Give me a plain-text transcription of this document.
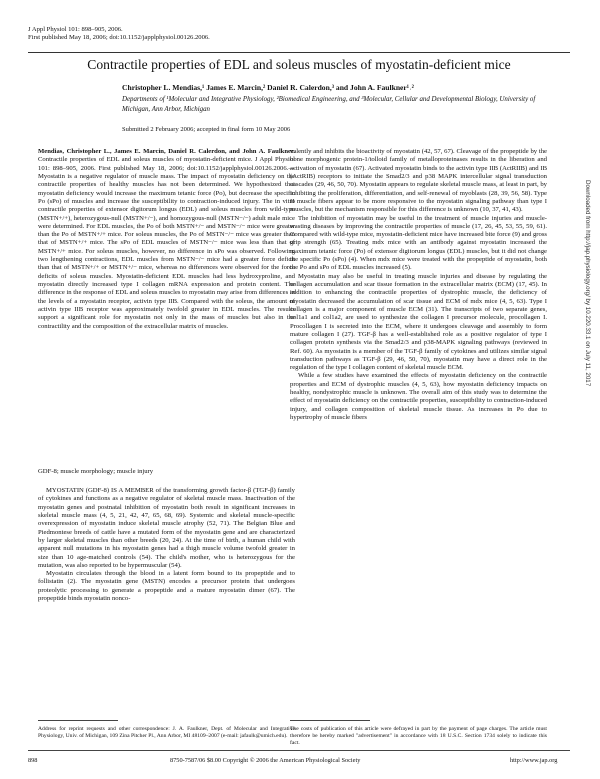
J Appl Physiol 101: 898–905, 2006.
First published May 18, 2006; doi:10.1152/japplphysiol.00126.2006.
Contractile properties of EDL and soleus muscles of myostatin-deficient mice
Christopher L. Mendias,¹ James E. Marcin,² Daniel R. Calerdon,³ and John A. Faulkner¹˒²
Departments of ¹Molecular and Integrative Physiology, ²Biomedical Engineering, and ³Molecular, Cellular and Developmental Biology, University of Michigan, Ann Arbor, Michigan
Submitted 2 February 2006; accepted in final form 10 May 2006
Mendias, Christopher L., James E. Marcin, Daniel R. Calerdon, and John A. Faulkner. Contractile properties of EDL and soleus muscles of myostatin-deficient mice. J Appl Physiol 101: 898–905, 2006. First published May 18, 2006; doi:10.1152/japplphysiol.00126.2006.—Myostatin is a negative regulator of muscle mass. The impact of myostatin deficiency on the contractile properties of healthy muscles has not been determined. We hypothesized that myostatin deficiency would increase the maximum tetanic force (Po), but decrease the specific Po (sPo) of muscles and increase the susceptibility to contraction-induced injury. The in vitro contractile properties of extensor digitorum longus (EDL) and soleus muscles from wild-type (MSTN+/+), heterozygous-null (MSTN+/−), and homozygous-null (MSTN−/−) adult male mice were determined. For EDL muscles, the Po of both MSTN+/− and MSTN−/− mice were greater than the Po of MSTN+/+ mice. For soleus muscles, the Po of MSTN−/− mice was greater than that of MSTN+/+ mice. The sPo of EDL muscles of MSTN−/− mice was less than that of MSTN+/+ mice. For soleus muscles, however, no difference in sPo was observed. Following two lengthening contractions, EDL muscles from MSTN−/− mice had a greater force deficit than that of MSTN+/+ or MSTN+/− mice, whereas no differences were observed for the force deficits of soleus muscles. Myostatin-deficient EDL muscles had less hydroxyproline, and myostatin directly increased type I collagen mRNA expression and protein content. The difference in the response of EDL and soleus muscles to myostatin may arise from differences in the levels of a myostatin receptor, activin type IIB. Compared with the soleus, the amount of activin type IIB receptor was approximately twofold greater in EDL muscles. The results support a significant role for myostatin not only in the mass of muscles but also in the contractility and the composition of the extracellular matrix of muscles.
GDF-8; muscle morphology; muscle injury

MYOSTATIN (GDF-8) IS A MEMBER of the transforming growth factor-β (TGF-β) family of cytokines and functions as a negative regulator of skeletal muscle mass. Inactivation of the myostatin genes and postnatal inhibition of myostatin both result in significant increases in skeletal muscle mass (4, 5, 21, 42, 47, 65, 68, 69). Systemic and skeletal muscle-specific overexpression of myostatin induce skeletal muscle atrophy (52, 71). The Belgian Blue and Piedmontese breeds of cattle have a mutated form of the myostatin gene and are characterized by larger skeletal muscles than other breeds (20, 24). At the time of birth, a human child with apparent null mutations in his myostatin genes had a thigh muscle volume twofold greater in size than 10 age-matched controls (54). The child's mother, who is heterozygous for the mutation, was also reported to be hypermuscular (54).

Myostatin circulates through the blood in a latent form bound to its propeptide and to follistatin (2). The myostatin gene (MSTN) encodes a precursor protein that undergoes proteolytic processing to generate a propeptide and a mature myostatin dimer (67). The propeptide binds myostatin nonco-

valently and inhibits the bioactivity of myostatin (42, 57, 67). Cleavage of the propeptide by the bone morphogenic protein-1/tolloid family of metalloproteinases results in the liberation and activation of myostatin (67). Activated myostatin binds to the activin type IIB (ActRIIB) and IB (ActRIB) receptors to initiate the Smad2/3 and p38 MAPK intercellular signal transduction cascades (29, 46, 50, 70). Myostatin appears to regulate skeletal muscle mass, at least in part, by inhibiting the proliferation, differentiation, and self-renewal of myoblasts (28, 39, 56, 58). Type II muscle fibers appear to be more responsive to the myostatin signaling pathway than type I muscles, but the mechanism responsible for this difference is unknown (10, 37, 41, 43).

The inhibition of myostatin may be useful in the treatment of muscle injuries and muscle-wasting diseases by improving the contractile properties of muscle (17, 26, 45, 53, 55, 59, 61). Compared with wild-type mice, myostatin-deficient mice have increased bite force (9) and gross grip strength (65). Treating mdx mice with an antibody against myostatin increased the maximum tetanic force (Po) of extensor digitorum longus (EDL) muscles, but it did not change the specific Po (sPo) (4). When mdx mice were treated with the propeptide of myostatin, both the Po and sPo of EDL muscles increased (5).

Myostatin may also be useful in treating muscle injuries and disease by regulating the collagen accumulation and scar tissue formation in the extracellular matrix (ECM) (17, 45). In addition to enhancing the contractile properties of dystrophic muscle, the deficiency of myostatin decreased the accumulation of scar tissue and ECM of mdx mice (4, 5, 63). Type I collagen is a major component of muscle ECM (31). The transcripts of two separate genes, col1a1 and col1a2, are used to synthesize the collagen I precursor molecule, procollagen I. Procollagen I is secreted into the ECM, where it undergoes cleavage and assembly to form mature collagen I (27). TGF-β has a well-established role as a positive regulator of type I collagen protein synthesis via the Smad2/3 and p38-MAPK signaling pathways (reviewed in Ref. 60). As myostatin is a member of the TGF-β family of cytokines and utilizes similar signal transduction pathways as TGF-β (29, 46, 50, 70), myostatin may have a direct role in the regulation of the type I collagen content of skeletal muscle ECM.

While a few studies have examined the effects of myostatin deficiency on the contractile properties and ECM of dystrophic muscles (4, 5, 63), how myostatin deficiency impacts on healthy, nondystrophic muscle is unknown. The overall aim of this study was to determine the effect of myostatin deficiency on the contractile properties, susceptibility to contraction-induced injury, and collagen composition of skeletal muscle tissue. As increases in Po due to hypertrophy of muscle fibers

Address for reprint requests and other correspondence: J. A. Faulkner, Dept. of Molecular and Integrative Physiology, Univ. of Michigan, 109 Zina Pitcher Pl., Ann Arbor, MI 48109–2007 (e-mail: jafaulk@umich.edu).
The costs of publication of this article were defrayed in part by the payment of page charges. The article must therefore be hereby marked "advertisement" in accordance with 18 U.S.C. Section 1734 solely to indicate this fact.
898	8750-7587/06 $8.00 Copyright © 2006 the American Physiological Society	http://www.jap.org
Downloaded from http://jap.physiology.org/ by 10.220.33.1 on July 11, 2017
